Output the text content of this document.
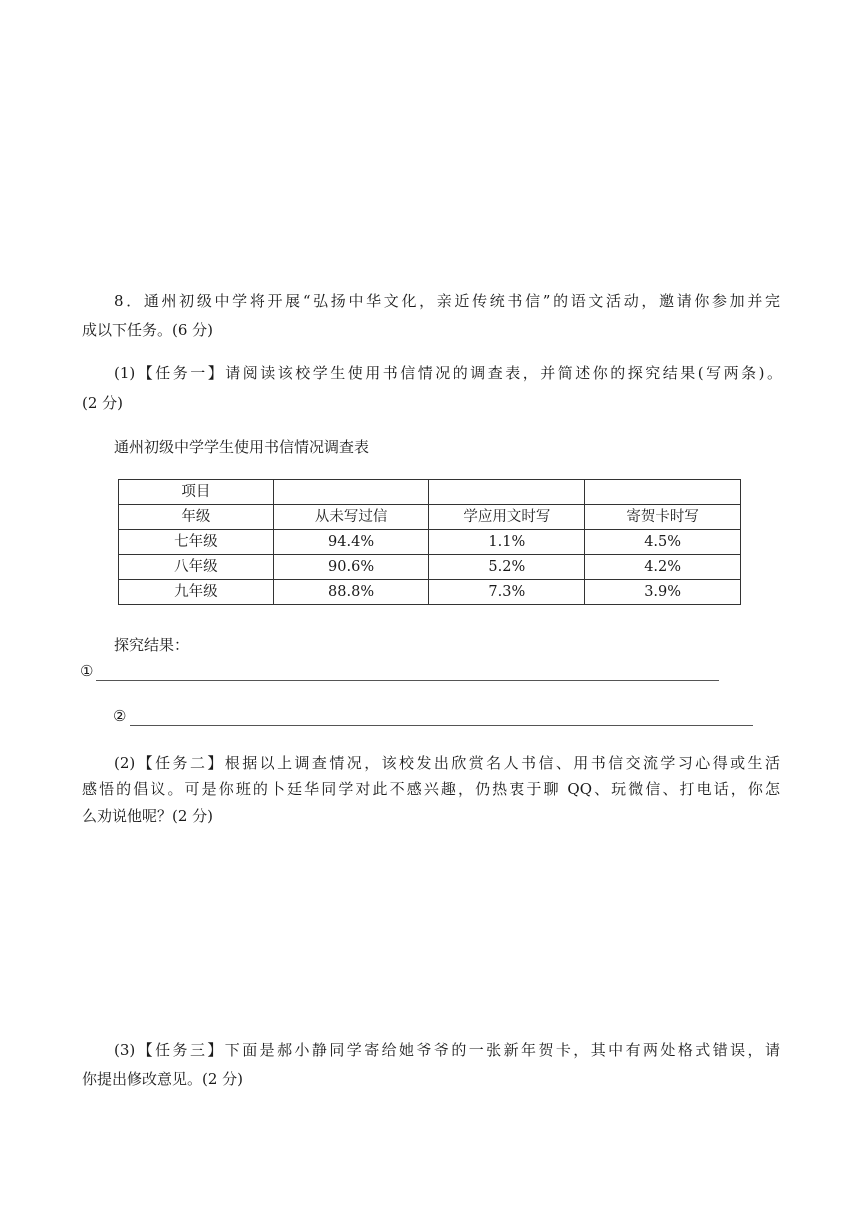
8．通州初级中学将开展“弘扬中华文化，亲近传统书信”的语文活动，邀请你参加并完
成以下任务。(6 分)
(1)【任务一】请阅读该校学生使用书信情况的调查表，并简述你的探究结果(写两条)。
(2 分)
通州初级中学学生使用书信情况调查表
项目			
年级	从未写过信	学应用文时写	寄贺卡时写
七年级	94.4%	1.1%	4.5%
八年级	90.6%	5.2%	4.2%
九年级	88.8%	7.3%	3.9%
探究结果：
①
②
(2)【任务二】根据以上调查情况，该校发出欣赏名人书信、用书信交流学习心得或生活
感悟的倡议。可是你班的卜廷华同学对此不感兴趣，仍热衷于聊 QQ、玩微信、打电话，你怎
么劝说他呢？(2 分)
(3)【任务三】下面是郝小静同学寄给她爷爷的一张新年贺卡，其中有两处格式错误，请
你提出修改意见。(2 分)
